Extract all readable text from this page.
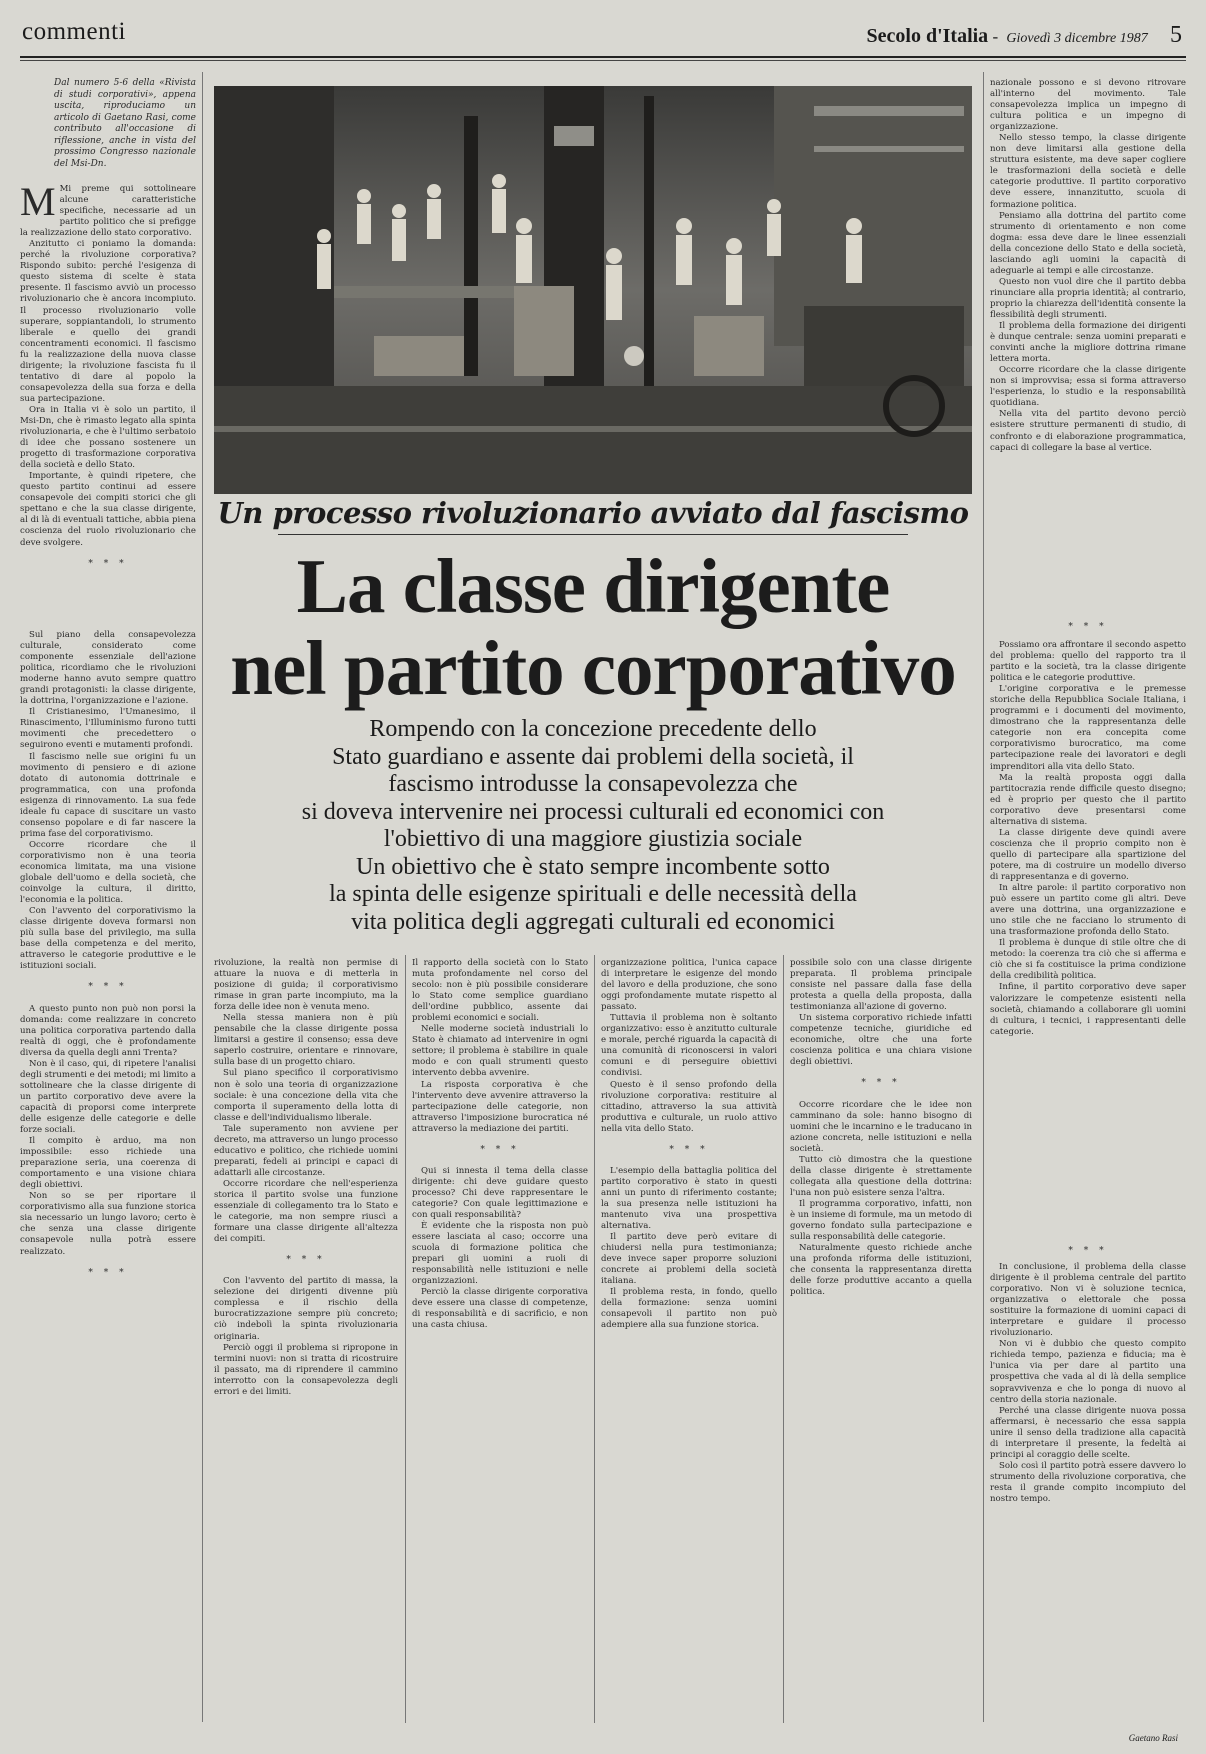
commenti	Secolo d'Italia - Giovedì 3 dicembre 1987 5

Dal numero 5-6 della «Rivista di studi corporativi», appena uscita, riproduciamo un articolo di Gaetano Rasi, come contributo all'occasione di riflessione, anche in vista del prossimo Congresso nazionale del Msi-Dn.

M Mi preme qui sottolineare alcune caratteristiche specifiche, necessarie ad un partito politico che si prefigge la realizzazione dello stato corporativo.

Anzitutto ci poniamo la domanda: perché la rivoluzione corporativa? Rispondo subito: perché l'esigenza di questo sistema di scelte è stata presente. Il fascismo avviò un processo rivoluzionario che è ancora incompiuto. Il processo rivoluzionario volle superare, soppiantandoli, lo strumento liberale e quello dei grandi concentramenti economici. Il fascismo fu la realizzazione della nuova classe dirigente; la rivoluzione fascista fu il tentativo di dare al popolo la consapevolezza della sua forza e della sua partecipazione.

Ora in Italia vi è solo un partito, il Msi-Dn, che è rimasto legato alla spinta rivoluzionaria, e che è l'ultimo serbatoio di idee che possano sostenere un progetto di trasformazione corporativa della società e dello Stato.

Importante, è quindi ripetere, che questo partito continui ad essere consapevole dei compiti storici che gli spettano e che la sua classe dirigente, al di là di eventuali tattiche, abbia piena coscienza del ruolo rivoluzionario che deve svolgere.

* * *

Sul piano della consapevolezza culturale, considerato come componente essenziale dell'azione politica, ricordiamo che le rivoluzioni moderne hanno avuto sempre quattro grandi protagonisti: la classe dirigente, la dottrina, l'organizzazione e l'azione.

Il Cristianesimo, l'Umanesimo, il Rinascimento, l'Illuminismo furono tutti movimenti che precedettero o seguirono eventi e mutamenti profondi.

Il fascismo nelle sue origini fu un movimento di pensiero e di azione dotato di autonomia dottrinale e programmatica, con una profonda esigenza di rinnovamento. La sua fede ideale fu capace di suscitare un vasto consenso popolare e di far nascere la prima fase del corporativismo.

Occorre ricordare che il corporativismo non è una teoria economica limitata, ma una visione globale dell'uomo e della società, che coinvolge la cultura, il diritto, l'economia e la politica.

Con l'avvento del corporativismo la classe dirigente doveva formarsi non più sulla base del privilegio, ma sulla base della competenza e del merito, attraverso le categorie produttive e le istituzioni sociali.

* * *

A questo punto non può non porsi la domanda: come realizzare in concreto una politica corporativa partendo dalla realtà di oggi, che è profondamente diversa da quella degli anni Trenta?

Non è il caso, qui, di ripetere l'analisi degli strumenti e dei metodi; mi limito a sottolineare che la classe dirigente di un partito corporativo deve avere la capacità di proporsi come interprete delle esigenze delle categorie e delle forze sociali.

Il compito è arduo, ma non impossibile: esso richiede una preparazione seria, una coerenza di comportamento e una visione chiara degli obiettivi.

Non so se per riportare il corporativismo alla sua funzione storica sia necessario un lungo lavoro; certo è che senza una classe dirigente consapevole nulla potrà essere realizzato.

* * *

Un processo rivoluzionario avviato dal fascismo
La classe dirigente
nel partito corporativo
Rompendo con la concezione precedente dello
Stato guardiano e assente dai problemi della società, il
fascismo introdusse la consapevolezza che
si doveva intervenire nei processi culturali ed economici con
l'obiettivo di una maggiore giustizia sociale
Un obiettivo che è stato sempre incombente sotto
la spinta delle esigenze spirituali e delle necessità della
vita politica degli aggregati culturali ed economici

rivoluzione, la realtà non permise di attuare la nuova e di metterla in posizione di guida; il corporativismo rimase in gran parte incompiuto, ma la forza delle idee non è venuta meno.

Nella stessa maniera non è più pensabile che la classe dirigente possa limitarsi a gestire il consenso; essa deve saperlo costruire, orientare e rinnovare, sulla base di un progetto chiaro.

Sul piano specifico il corporativismo non è solo una teoria di organizzazione sociale: è una concezione della vita che comporta il superamento della lotta di classe e dell'individualismo liberale.

Tale superamento non avviene per decreto, ma attraverso un lungo processo educativo e politico, che richiede uomini preparati, fedeli ai principi e capaci di adattarli alle circostanze.

Occorre ricordare che nell'esperienza storica il partito svolse una funzione essenziale di collegamento tra lo Stato e le categorie, ma non sempre riuscì a formare una classe dirigente all'altezza dei compiti.

* * *

Con l'avvento del partito di massa, la selezione dei dirigenti divenne più complessa e il rischio della burocratizzazione sempre più concreto; ciò indebolì la spinta rivoluzionaria originaria.

Perciò oggi il problema si ripropone in termini nuovi: non si tratta di ricostruire il passato, ma di riprendere il cammino interrotto con la consapevolezza degli errori e dei limiti.

Il rapporto della società con lo Stato muta profondamente nel corso del secolo: non è più possibile considerare lo Stato come semplice guardiano dell'ordine pubblico, assente dai problemi economici e sociali.

Nelle moderne società industriali lo Stato è chiamato ad intervenire in ogni settore; il problema è stabilire in quale modo e con quali strumenti questo intervento debba avvenire.

La risposta corporativa è che l'intervento deve avvenire attraverso la partecipazione delle categorie, non attraverso l'imposizione burocratica né attraverso la mediazione dei partiti.

* * *

Qui si innesta il tema della classe dirigente: chi deve guidare questo processo? Chi deve rappresentare le categorie? Con quale legittimazione e con quali responsabilità?

È evidente che la risposta non può essere lasciata al caso; occorre una scuola di formazione politica che prepari gli uomini a ruoli di responsabilità nelle istituzioni e nelle organizzazioni.

Perciò la classe dirigente corporativa deve essere una classe di competenze, di responsabilità e di sacrificio, e non una casta chiusa.

organizzazione politica, l'unica capace di interpretare le esigenze del mondo del lavoro e della produzione, che sono oggi profondamente mutate rispetto al passato.

Tuttavia il problema non è soltanto organizzativo: esso è anzitutto culturale e morale, perché riguarda la capacità di una comunità di riconoscersi in valori comuni e di perseguire obiettivi condivisi.

Questo è il senso profondo della rivoluzione corporativa: restituire al cittadino, attraverso la sua attività produttiva e culturale, un ruolo attivo nella vita dello Stato.

* * *

L'esempio della battaglia politica del partito corporativo è stato in questi anni un punto di riferimento costante; la sua presenza nelle istituzioni ha mantenuto viva una prospettiva alternativa.

Il partito deve però evitare di chiudersi nella pura testimonianza; deve invece saper proporre soluzioni concrete ai problemi della società italiana.

Il problema resta, in fondo, quello della formazione: senza uomini consapevoli il partito non può adempiere alla sua funzione storica.

possibile solo con una classe dirigente preparata. Il problema principale consiste nel passare dalla fase della protesta a quella della proposta, dalla testimonianza all'azione di governo.

Un sistema corporativo richiede infatti competenze tecniche, giuridiche ed economiche, oltre che una forte coscienza politica e una chiara visione degli obiettivi.

* * *

Occorre ricordare che le idee non camminano da sole: hanno bisogno di uomini che le incarnino e le traducano in azione concreta, nelle istituzioni e nella società.

Tutto ciò dimostra che la questione della classe dirigente è strettamente collegata alla questione della dottrina: l'una non può esistere senza l'altra.

Il programma corporativo, infatti, non è un insieme di formule, ma un metodo di governo fondato sulla partecipazione e sulla responsabilità delle categorie.

Naturalmente questo richiede anche una profonda riforma delle istituzioni, che consenta la rappresentanza diretta delle forze produttive accanto a quella politica.

nazionale possono e si devono ritrovare all'interno del movimento. Tale consapevolezza implica un impegno di cultura politica e un impegno di organizzazione.

Nello stesso tempo, la classe dirigente non deve limitarsi alla gestione della struttura esistente, ma deve saper cogliere le trasformazioni della società e delle categorie produttive. Il partito corporativo deve essere, innanzitutto, scuola di formazione politica.

Pensiamo alla dottrina del partito come strumento di orientamento e non come dogma: essa deve dare le linee essenziali della concezione dello Stato e della società, lasciando agli uomini la capacità di adeguarle ai tempi e alle circostanze.

Questo non vuol dire che il partito debba rinunciare alla propria identità; al contrario, proprio la chiarezza dell'identità consente la flessibilità degli strumenti.

Il problema della formazione dei dirigenti è dunque centrale: senza uomini preparati e convinti anche la migliore dottrina rimane lettera morta.

Occorre ricordare che la classe dirigente non si improvvisa; essa si forma attraverso l'esperienza, lo studio e la responsabilità quotidiana.

Nella vita del partito devono perciò esistere strutture permanenti di studio, di confronto e di elaborazione programmatica, capaci di collegare la base al vertice.

* * *

Possiamo ora affrontare il secondo aspetto del problema: quello del rapporto tra il partito e la società, tra la classe dirigente politica e le categorie produttive.

L'origine corporativa e le premesse storiche della Repubblica Sociale Italiana, i programmi e i documenti del movimento, dimostrano che la rappresentanza delle categorie non era concepita come corporativismo burocratico, ma come partecipazione reale dei lavoratori e degli imprenditori alla vita dello Stato.

Ma la realtà proposta oggi dalla partitocrazia rende difficile questo disegno; ed è proprio per questo che il partito corporativo deve presentarsi come alternativa di sistema.

La classe dirigente deve quindi avere coscienza che il proprio compito non è quello di partecipare alla spartizione del potere, ma di costruire un modello diverso di rappresentanza e di governo.

In altre parole: il partito corporativo non può essere un partito come gli altri. Deve avere una dottrina, una organizzazione e uno stile che ne facciano lo strumento di una trasformazione profonda dello Stato.

Il problema è dunque di stile oltre che di metodo: la coerenza tra ciò che si afferma e ciò che si fa costituisce la prima condizione della credibilità politica.

Infine, il partito corporativo deve saper valorizzare le competenze esistenti nella società, chiamando a collaborare gli uomini di cultura, i tecnici, i rappresentanti delle categorie.

* * *

In conclusione, il problema della classe dirigente è il problema centrale del partito corporativo. Non vi è soluzione tecnica, organizzativa o elettorale che possa sostituire la formazione di uomini capaci di interpretare e guidare il processo rivoluzionario.

Non vi è dubbio che questo compito richieda tempo, pazienza e fiducia; ma è l'unica via per dare al partito una prospettiva che vada al di là della semplice sopravvivenza e che lo ponga di nuovo al centro della storia nazionale.

Perché una classe dirigente nuova possa affermarsi, è necessario che essa sappia unire il senso della tradizione alla capacità di interpretare il presente, la fedeltà ai principi al coraggio delle scelte.

Solo così il partito potrà essere davvero lo strumento della rivoluzione corporativa, che resta il grande compito incompiuto del nostro tempo.

Gaetano Rasi
